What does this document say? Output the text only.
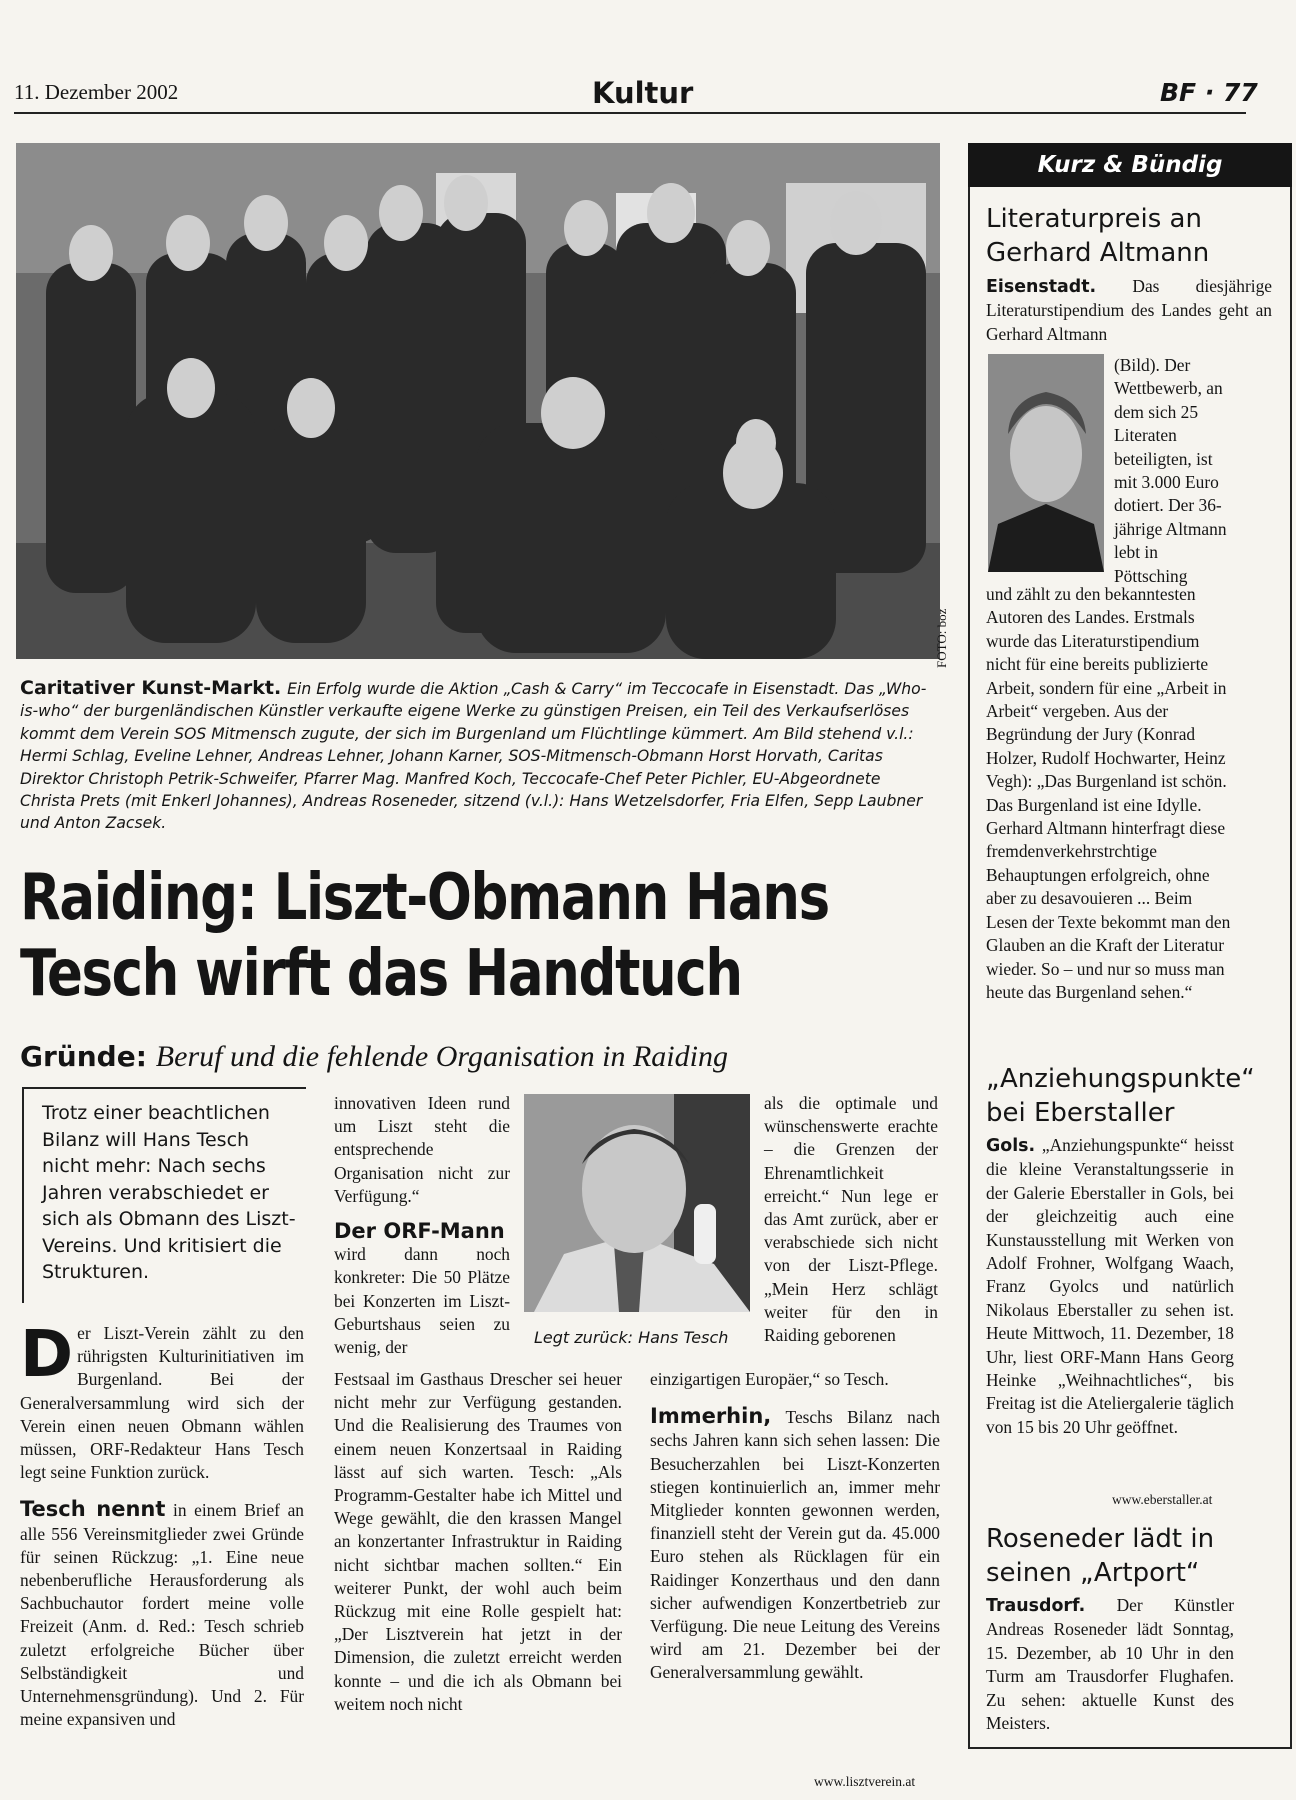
11. Dezember 2002	Kultur	BF · 77
FOTO: boz
Caritativer Kunst-Markt. Ein Erfolg wurde die Aktion „Cash & Carry“ im Teccocafe in Eisenstadt. Das „Who-is-who“ der burgenländischen Künstler verkaufte eigene Werke zu günstigen Preisen, ein Teil des Verkaufserlöses kommt dem Verein SOS Mitmensch zugute, der sich im Burgenland um Flüchtlinge kümmert. Am Bild stehend v.l.: Hermi Schlag, Eveline Lehner, Andreas Lehner, Johann Karner, SOS-Mitmensch-Obmann Horst Horvath, Caritas Direktor Christoph Petrik-Schweifer, Pfarrer Mag. Manfred Koch, Teccocafe-Chef Peter Pichler, EU-Abgeordnete Christa Prets (mit Enkerl Johannes), Andreas Roseneder, sitzend (v.l.): Hans Wetzelsdorfer, Fria Elfen, Sepp Laubner und Anton Zacsek.
Raiding: Liszt-Obmann Hans
Tesch wirft das Handtuch
Gründe: Beruf und die fehlende Organisation in Raiding
Trotz einer beachtlichen Bilanz will Hans Tesch nicht mehr: Nach sechs Jahren verabschiedet er sich als Obmann des Liszt-Vereins. Und kritisiert die Strukturen.
D er Liszt-Verein zählt zu den rührigsten Kulturinitiativen im Burgenland. Bei der Generalversammlung wird sich der Verein einen neuen Obmann wählen müssen, ORF-Redakteur Hans Tesch legt seine Funktion zurück.
Tesch nennt in einem Brief an alle 556 Vereinsmitglieder zwei Gründe für seinen Rückzug: „1. Eine neue nebenberufliche Herausforderung als Sachbuchautor fordert meine volle Freizeit (Anm. d. Red.: Tesch schrieb zuletzt erfolgreiche Bücher über Selbständigkeit und Unternehmensgründung). Und 2. Für meine expansiven und
innovativen Ideen rund um Liszt steht die entsprechende Organisation nicht zur Verfügung.“
Der ORF-Mann
wird dann noch konkreter: Die 50 Plätze bei Konzerten im Liszt-Geburtshaus seien zu wenig, der	Legt zurück: Hans Tesch
als die optimale und wünschenswerte erachte – die Grenzen der Ehrenamtlichkeit erreicht.“ Nun lege er das Amt zurück, aber er verabschiede sich nicht von der Liszt-Pflege. „Mein Herz schlägt weiter für den in Raiding geborenen
Festsaal im Gasthaus Drescher sei heuer nicht mehr zur Verfügung gestanden. Und die Realisierung des Traumes von einem neuen Konzertsaal in Raiding lässt auf sich warten. Tesch: „Als Programm-Gestalter habe ich Mittel und Wege gewählt, die den krassen Mangel an konzertanter Infrastruktur in Raiding nicht sichtbar machen sollten.“ Ein weiterer Punkt, der wohl auch beim Rückzug mit eine Rolle gespielt hat: „Der Lisztverein hat jetzt in der Dimension, die zuletzt erreicht werden konnte – und die ich als Obmann bei weitem noch nicht
einzigartigen Europäer,“ so Tesch.
Immerhin, Teschs Bilanz nach sechs Jahren kann sich sehen lassen: Die Besucherzahlen bei Liszt-Konzerten stiegen kontinuierlich an, immer mehr Mitglieder konnten gewonnen werden, finanziell steht der Verein gut da. 45.000 Euro stehen als Rücklagen für ein Raidinger Konzerthaus und den dann sicher aufwendigen Konzertbetrieb zur Verfügung. Die neue Leitung des Vereins wird am 21. Dezember bei der Generalversammlung gewählt.
www.lisztverein.at
Kurz & Bündig
Literaturpreis an Gerhard Altmann
Eisenstadt. Das diesjährige Literaturstipendium des Landes geht an Gerhard Altmann
(Bild). Der Wettbewerb, an dem sich 25 Literaten beteiligten, ist mit 3.000 Euro dotiert. Der 36-jährige Altmann lebt in Pöttsching
und zählt zu den bekanntesten Autoren des Landes. Erstmals wurde das Literaturstipendium nicht für eine bereits publizierte Arbeit, sondern für eine „Arbeit in Arbeit“ vergeben. Aus der Begründung der Jury (Konrad Holzer, Rudolf Hochwarter, Heinz Vegh): „Das Burgenland ist schön. Das Burgenland ist eine Idylle. Gerhard Altmann hinterfragt diese fremdenverkehrstrchtige Behauptungen erfolgreich, ohne aber zu desavouieren ... Beim Lesen der Texte bekommt man den Glauben an die Kraft der Literatur wieder. So – und nur so muss man heute das Burgenland sehen.“
„Anziehungspunkte“ bei Eberstaller
Gols. „Anziehungspunkte“ heisst die kleine Veranstaltungsserie in der Galerie Eberstaller in Gols, bei der gleichzeitig auch eine Kunstausstellung mit Werken von Adolf Frohner, Wolfgang Waach, Franz Gyolcs und natürlich Nikolaus Eberstaller zu sehen ist. Heute Mittwoch, 11. Dezember, 18 Uhr, liest ORF-Mann Hans Georg Heinke „Weihnachtliches“, bis Freitag ist die Ateliergalerie täglich von 15 bis 20 Uhr geöffnet.
www.eberstaller.at
Roseneder lädt in seinen „Artport“
Trausdorf. Der Künstler Andreas Roseneder lädt Sonntag, 15. Dezember, ab 10 Uhr in den Turm am Trausdorfer Flughafen. Zu sehen: aktuelle Kunst des Meisters.
